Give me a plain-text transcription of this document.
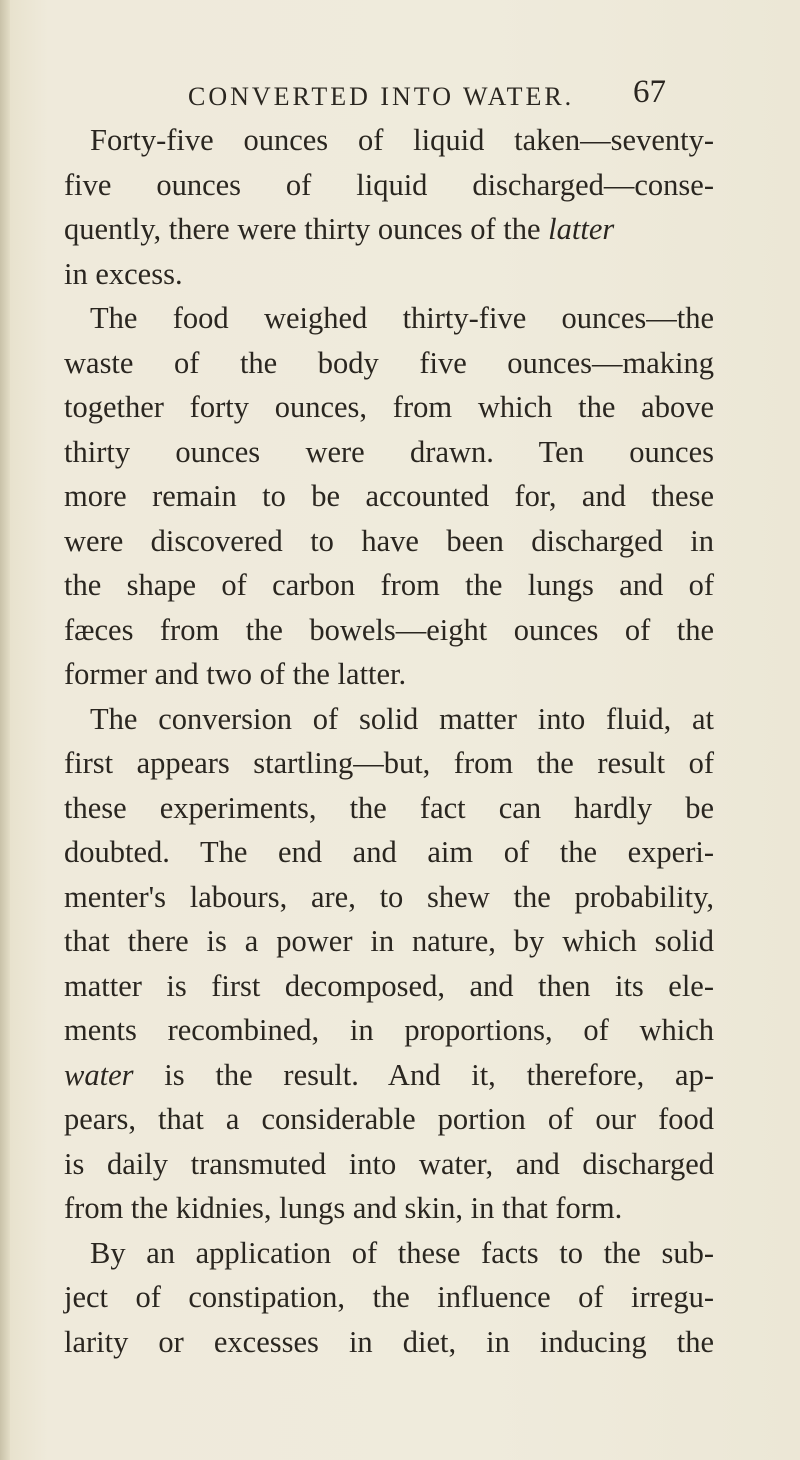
CONVERTED INTO WATER. 67
Forty-five ounces of liquid taken—seventy-
five ounces of liquid discharged—conse-
quently, there were thirty ounces of the latter
in excess.
The food weighed thirty-five ounces—the
waste of the body five ounces—making
together forty ounces, from which the above
thirty ounces were drawn. Ten ounces
more remain to be accounted for, and these
were discovered to have been discharged in
the shape of carbon from the lungs and of
fæces from the bowels—eight ounces of the
former and two of the latter.
The conversion of solid matter into fluid, at
first appears startling—but, from the result of
these experiments, the fact can hardly be
doubted. The end and aim of the experi-
menter's labours, are, to shew the probability,
that there is a power in nature, by which solid
matter is first decomposed, and then its ele-
ments recombined, in proportions, of which
water is the result. And it, therefore, ap-
pears, that a considerable portion of our food
is daily transmuted into water, and discharged
from the kidnies, lungs and skin, in that form.
By an application of these facts to the sub-
ject of constipation, the influence of irregu-
larity or excesses in diet, in inducing the
